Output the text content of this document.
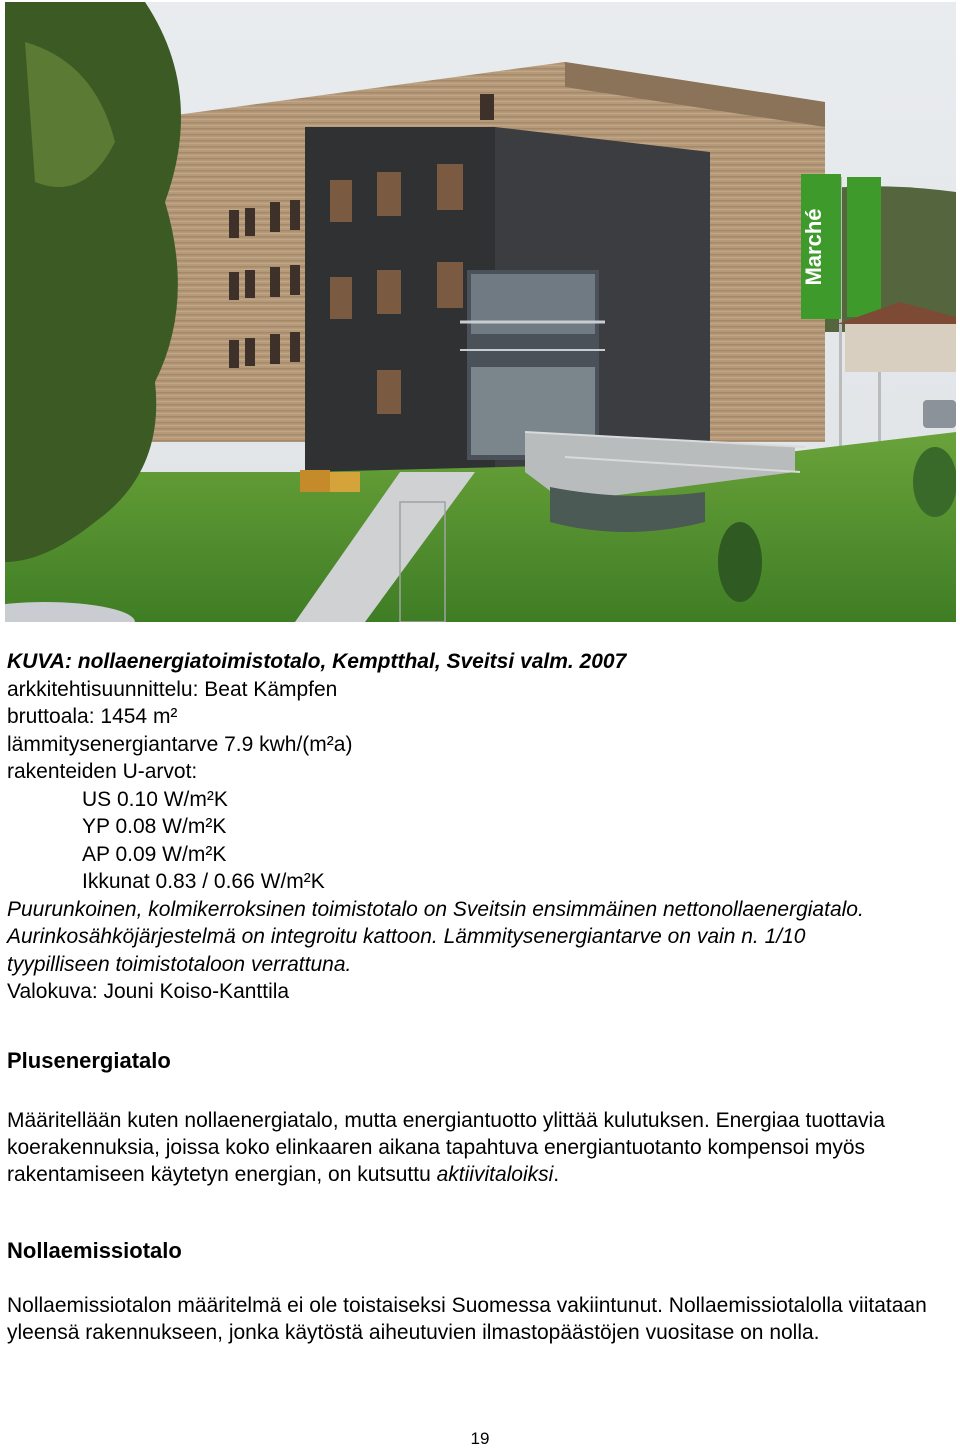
Marché
KUVA: nollaenergiatoimistotalo, Kemptthal, Sveitsi valm. 2007
arkkitehtisuunnittelu: Beat Kämpfen
bruttoala: 1454 m²
lämmitysenergiantarve 7.9 kwh/(m²a)
rakenteiden U-arvot:
US 0.10 W/m²K
YP 0.08 W/m²K
AP 0.09 W/m²K
Ikkunat 0.83 / 0.66 W/m²K
Puurunkoinen, kolmikerroksinen toimistotalo on Sveitsin ensimmäinen nettonollaenergiatalo.
Aurinkosähköjärjestelmä on integroitu kattoon. Lämmitysenergiantarve on vain n. 1/10
tyypilliseen toimistotaloon verrattuna.
Valokuva: Jouni Koiso-Kanttila
Plusenergiatalo

Määritellään kuten nollaenergiatalo, mutta energiantuotto ylittää kulutuksen. Energiaa tuottavia koerakennuksia, joissa koko elinkaaren aikana tapahtuva energiantuotanto kompensoi myös rakentamiseen käytetyn energian, on kutsuttu aktiivitaloiksi.

Nollaemissiotalo

Nollaemissiotalon määritelmä ei ole toistaiseksi Suomessa vakiintunut. Nollaemissiotalolla viitataan yleensä rakennukseen, jonka käytöstä aiheutuvien ilmastopäästöjen vuositase on nolla.

19
